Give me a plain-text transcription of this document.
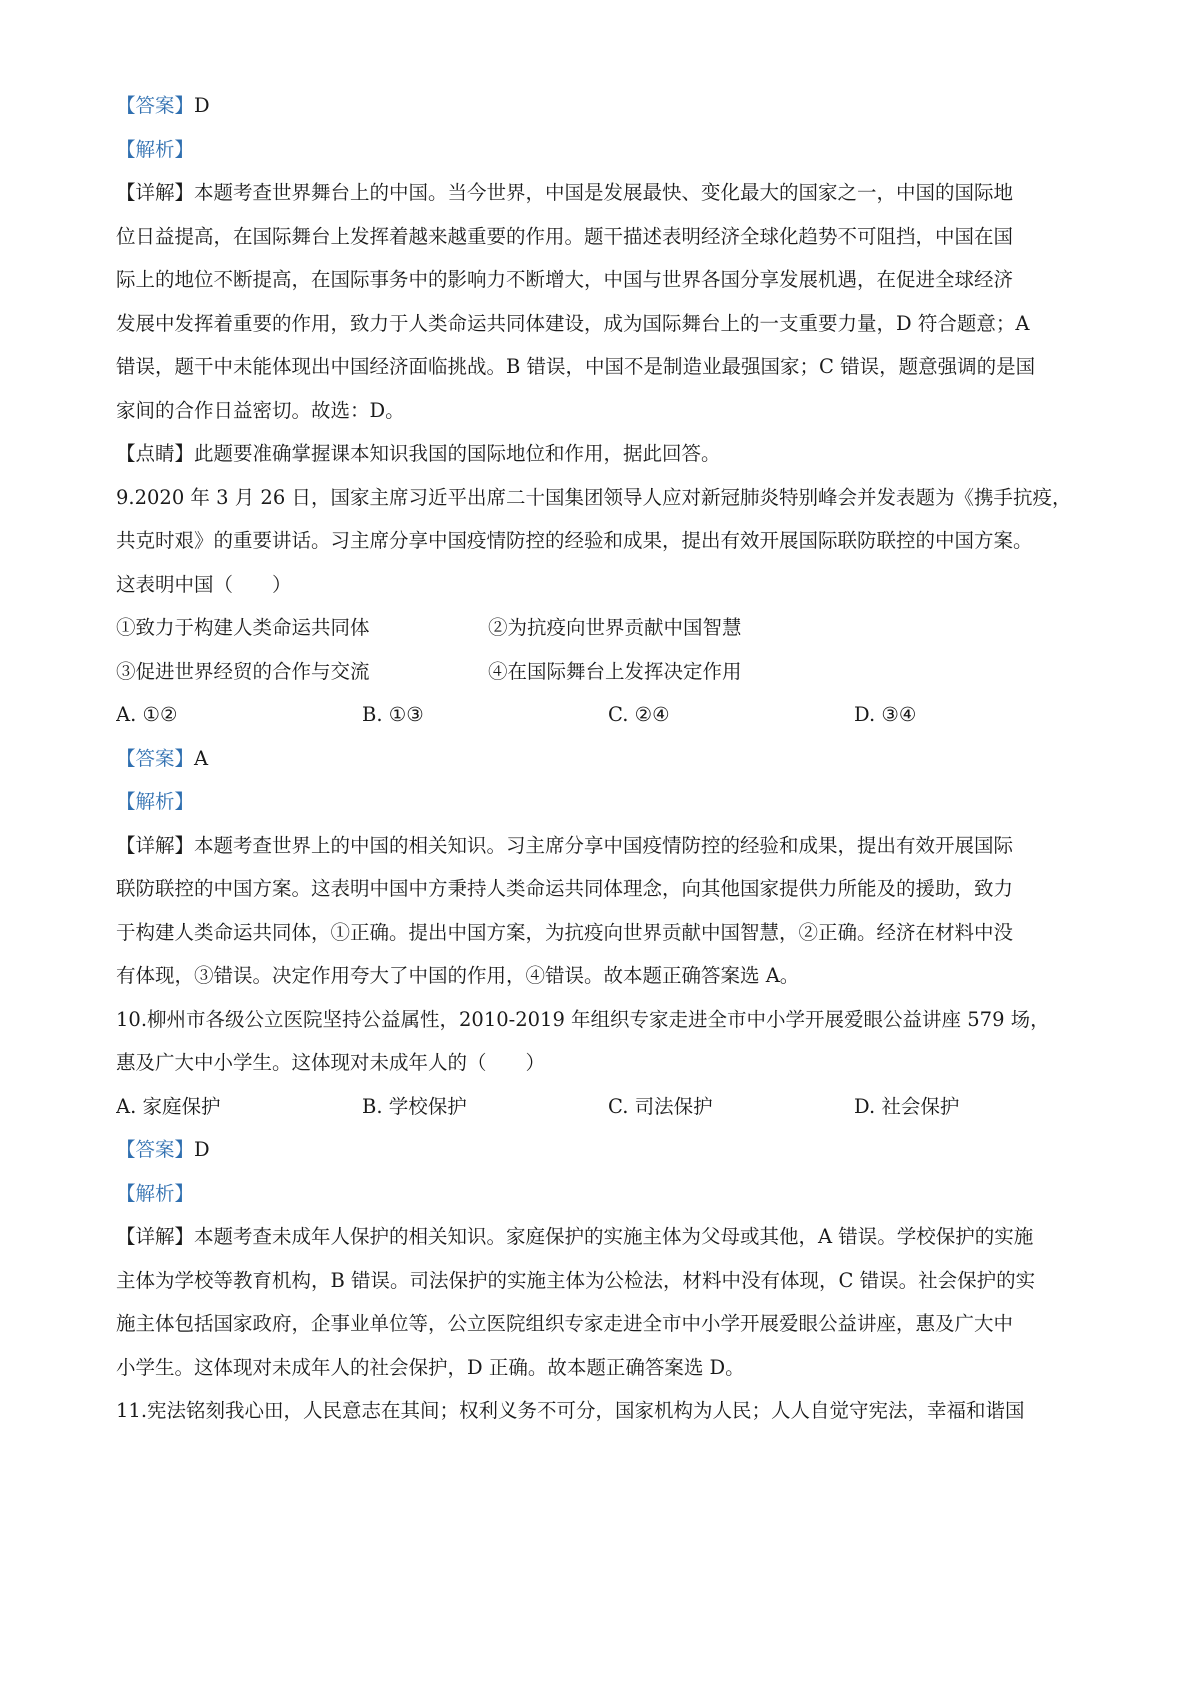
【答案】D
【解析】
【详解】本题考查世界舞台上的中国。当今世界，中国是发展最快、变化最大的国家之一，中国的国际地
位日益提高，在国际舞台上发挥着越来越重要的作用。题干描述表明经济全球化趋势不可阻挡，中国在国
际上的地位不断提高，在国际事务中的影响力不断增大，中国与世界各国分享发展机遇，在促进全球经济
发展中发挥着重要的作用，致力于人类命运共同体建设，成为国际舞台上的一支重要力量，D 符合题意；A
错误，题干中未能体现出中国经济面临挑战。B 错误，中国不是制造业最强国家；C 错误，题意强调的是国
家间的合作日益密切。故选：D。
【点睛】此题要准确掌握课本知识我国的国际地位和作用，据此回答。
9.2020 年 3 月 26 日，国家主席习近平出席二十国集团领导人应对新冠肺炎特别峰会并发表题为《携手抗疫，
共克时艰》的重要讲话。习主席分享中国疫情防控的经验和成果，提出有效开展国际联防联控的中国方案。
这表明中国（　　）
①致力于构建人类命运共同体	②为抗疫向世界贡献中国智慧
③促进世界经贸的合作与交流	④在国际舞台上发挥决定作用
A. ①②	B. ①③	C. ②④	D. ③④
【答案】A
【解析】
【详解】本题考查世界上的中国的相关知识。习主席分享中国疫情防控的经验和成果，提出有效开展国际
联防联控的中国方案。这表明中国中方秉持人类命运共同体理念，向其他国家提供力所能及的援助，致力
于构建人类命运共同体，①正确。提出中国方案，为抗疫向世界贡献中国智慧，②正确。经济在材料中没
有体现，③错误。决定作用夸大了中国的作用，④错误。故本题正确答案选 A。
10.柳州市各级公立医院坚持公益属性，2010-2019 年组织专家走进全市中小学开展爱眼公益讲座 579 场，
惠及广大中小学生。这体现对未成年人的（　　）
A. 家庭保护	B. 学校保护	C. 司法保护	D. 社会保护
【答案】D
【解析】
【详解】本题考查未成年人保护的相关知识。家庭保护的实施主体为父母或其他，A 错误。学校保护的实施
主体为学校等教育机构，B 错误。司法保护的实施主体为公检法，材料中没有体现，C 错误。社会保护的实
施主体包括国家政府，企事业单位等，公立医院组织专家走进全市中小学开展爱眼公益讲座，惠及广大中
小学生。这体现对未成年人的社会保护，D 正确。故本题正确答案选 D。
11.宪法铭刻我心田，人民意志在其间；权利义务不可分，国家机构为人民；人人自觉守宪法，幸福和谐国
